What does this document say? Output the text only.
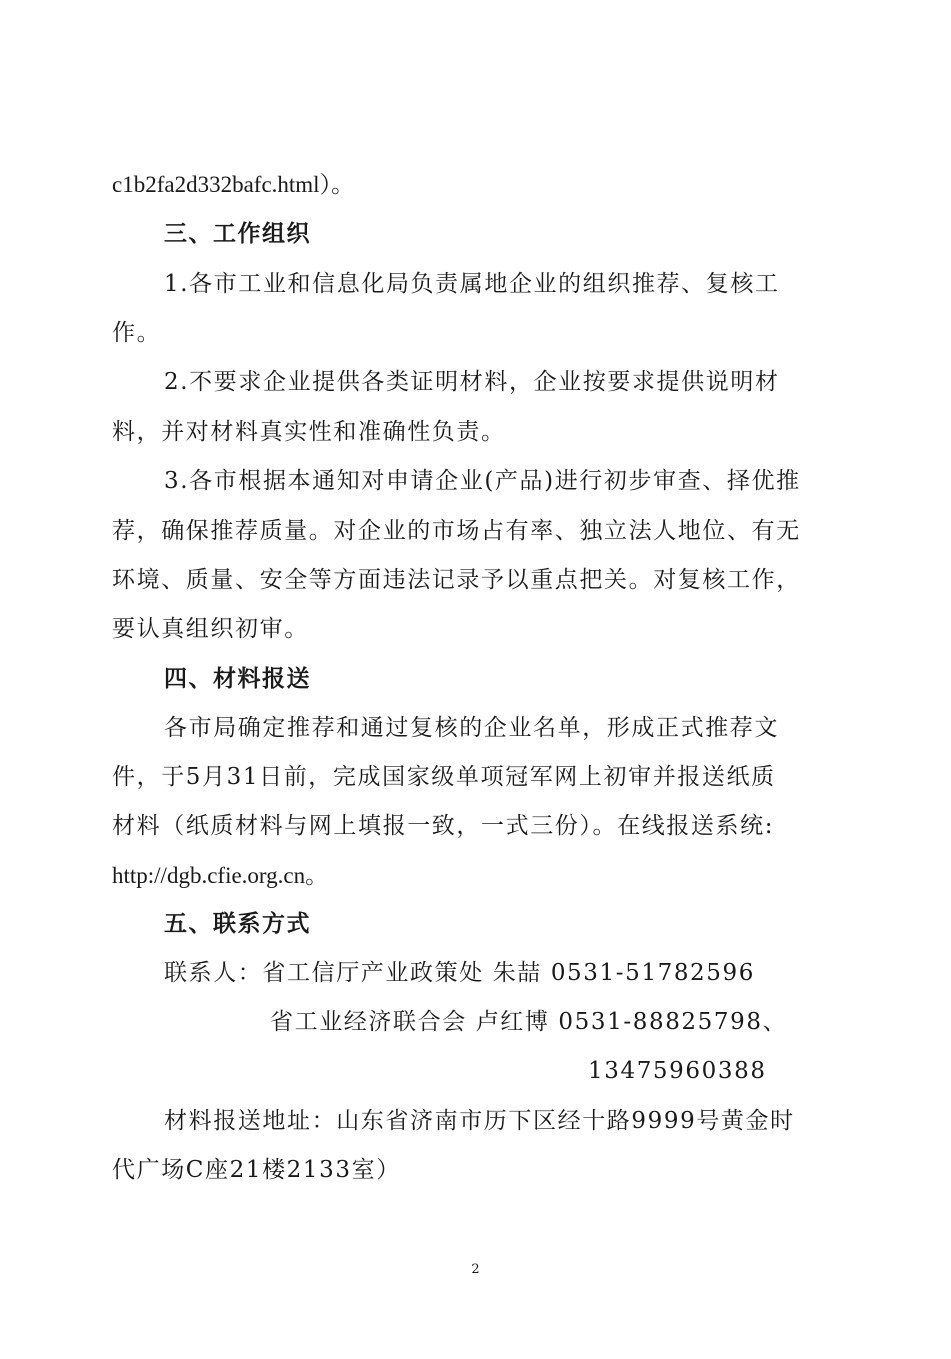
c1b2fa2d332bafc.html）。
三、工作组织
1.各市工业和信息化局负责属地企业的组织推荐、复核工
作。
2.不要求企业提供各类证明材料，企业按要求提供说明材
料，并对材料真实性和准确性负责。
3.各市根据本通知对申请企业(产品)进行初步审查、择优推
荐，确保推荐质量。对企业的市场占有率、独立法人地位、有无
环境、质量、安全等方面违法记录予以重点把关。对复核工作，
要认真组织初审。
四、材料报送
各市局确定推荐和通过复核的企业名单，形成正式推荐文
件，于5月31日前，完成国家级单项冠军网上初审并报送纸质
材料（纸质材料与网上填报一致，一式三份）。在线报送系统:
http://dgb.cfie.org.cn。
五、联系方式
联系人：省工信厅产业政策处 朱喆 0531-51782596
省工业经济联合会 卢红博 0531-88825798、
13475960388
材料报送地址：山东省济南市历下区经十路9999号黄金时
代广场C座21楼2133室）
2
